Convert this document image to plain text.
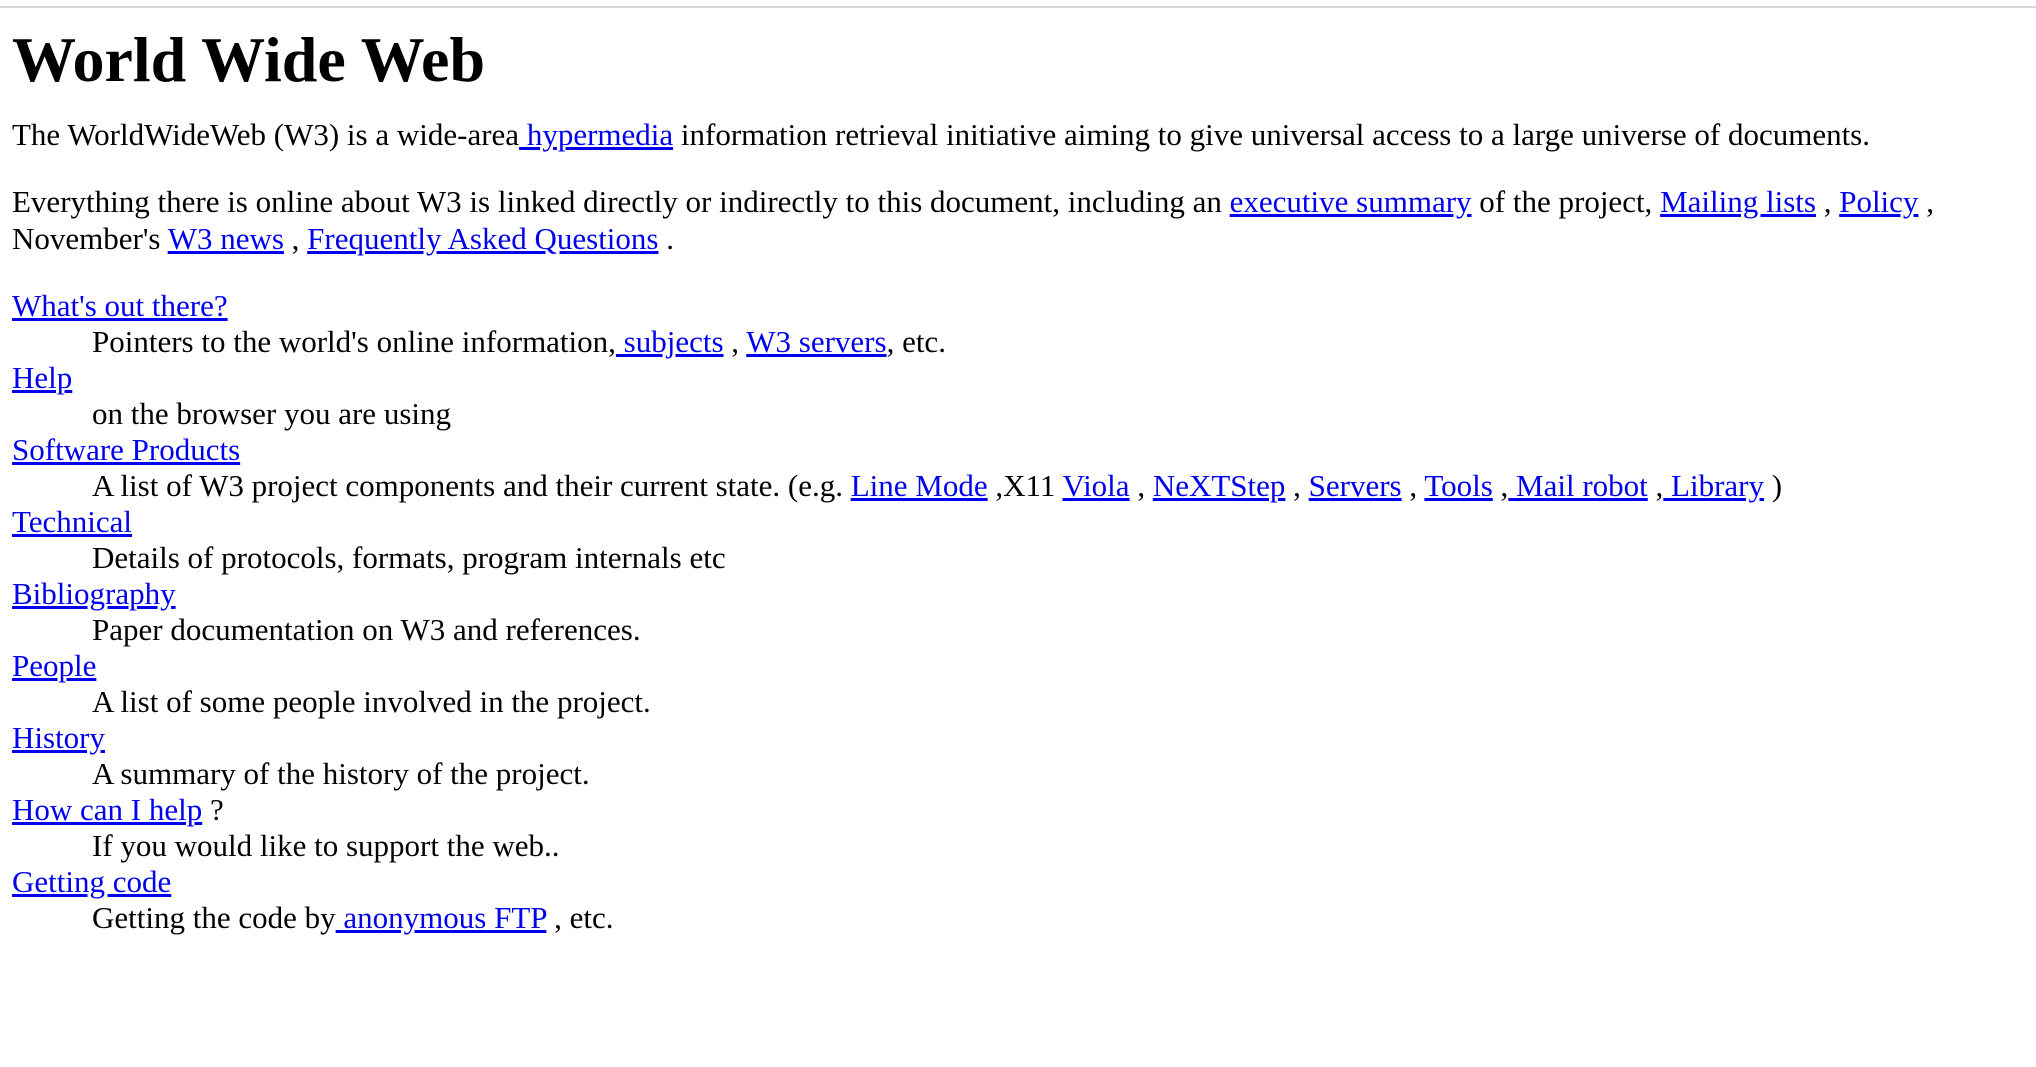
World Wide Web

The WorldWideWeb (W3) is a wide-area hypermedia information retrieval initiative aiming to give universal access to a large universe of documents.

Everything there is online about W3 is linked directly or indirectly to this document, including an executive summary of the project, Mailing lists , Policy , November's W3 news , Frequently Asked Questions .

What's out there?
Pointers to the world's online information, subjects , W3 servers, etc.
Help
on the browser you are using
Software Products
A list of W3 project components and their current state. (e.g. Line Mode ,X11 Viola , NeXTStep , Servers , Tools , Mail robot , Library )
Technical
Details of protocols, formats, program internals etc
Bibliography
Paper documentation on W3 and references.
People
A list of some people involved in the project.
History
A summary of the history of the project.
How can I help ?
If you would like to support the web..
Getting code
Getting the code by anonymous FTP , etc.
